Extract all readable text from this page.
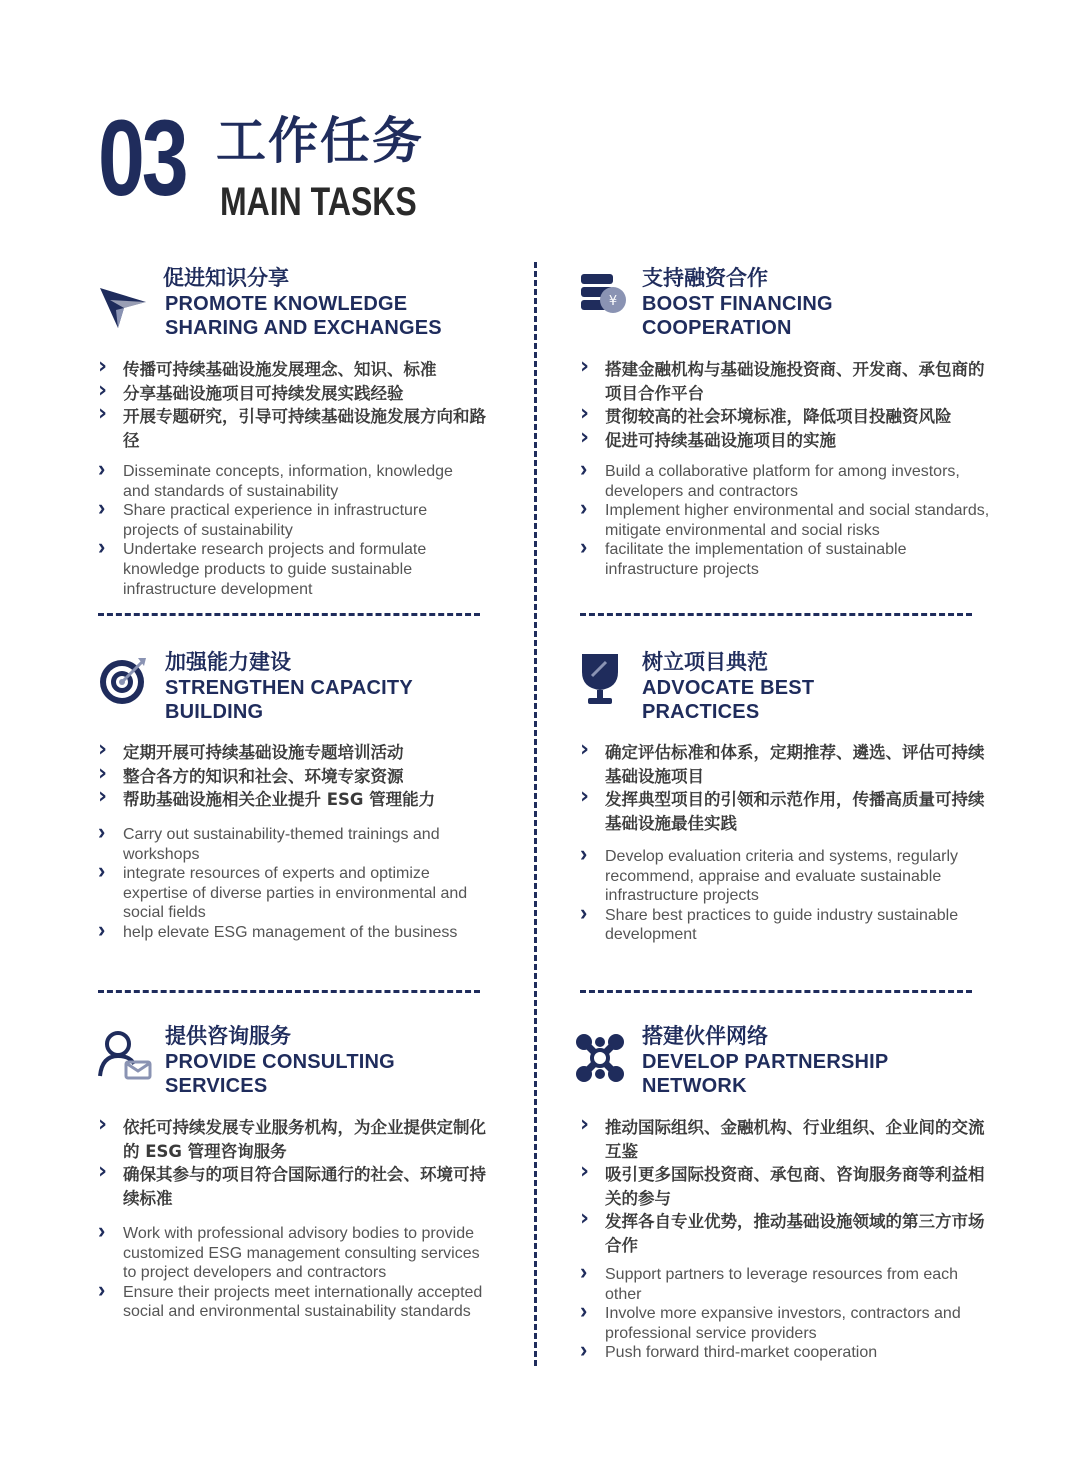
03 工作任务
MAIN TASKS
促进知识分享
PROMOTE KNOWLEDGE
SHARING AND EXCHANGES
› 传播可持续基础设施发展理念、知识、标准
› 分享基础设施项目可持续发展实践经验
› 开展专题研究，引导可持续基础设施发展方向和路径
› Disseminate concepts, information, knowledge and standards of sustainability
› Share practical experience in infrastructure projects of sustainability
› Undertake research projects and formulate knowledge products to guide sustainable infrastructure development
¥
支持融资合作
BOOST FINANCING
COOPERATION
› 搭建金融机构与基础设施投资商、开发商、承包商的项目合作平台
› 贯彻较高的社会环境标准，降低项目投融资风险
› 促进可持续基础设施项目的实施
› Build a collaborative platform for among investors, developers and contractors
› Implement higher environmental and social standards, mitigate environmental and social risks
› facilitate the implementation of sustainable infrastructure projects
加强能力建设
STRENGTHEN CAPACITY
BUILDING
› 定期开展可持续基础设施专题培训活动
› 整合各方的知识和社会、环境专家资源
› 帮助基础设施相关企业提升 ESG 管理能力
› Carry out sustainability-themed trainings and workshops
› integrate resources of experts and optimize expertise of diverse parties in environmental and social fields
› help elevate ESG management of the business
树立项目典范
ADVOCATE BEST
PRACTICES
› 确定评估标准和体系，定期推荐、遴选、评估可持续基础设施项目
› 发挥典型项目的引领和示范作用，传播高质量可持续基础设施最佳实践
› Develop evaluation criteria and systems, regularly recommend, appraise and evaluate sustainable infrastructure projects
› Share best practices to guide industry sustainable development
提供咨询服务
PROVIDE CONSULTING
SERVICES
› 依托可持续发展专业服务机构，为企业提供定制化的 ESG 管理咨询服务
› 确保其参与的项目符合国际通行的社会、环境可持续标准
› Work with professional advisory bodies to provide customized ESG management consulting services to project developers and contractors
› Ensure their projects meet internationally accepted social and environmental sustainability standards
搭建伙伴网络
DEVELOP PARTNERSHIP
NETWORK
› 推动国际组织、金融机构、行业组织、企业间的交流互鉴
› 吸引更多国际投资商、承包商、咨询服务商等利益相关的参与
› 发挥各自专业优势，推动基础设施领域的第三方市场合作
› Support partners to leverage resources from each other
› Involve more expansive investors, contractors and professional service providers
› Push forward third-market cooperation
